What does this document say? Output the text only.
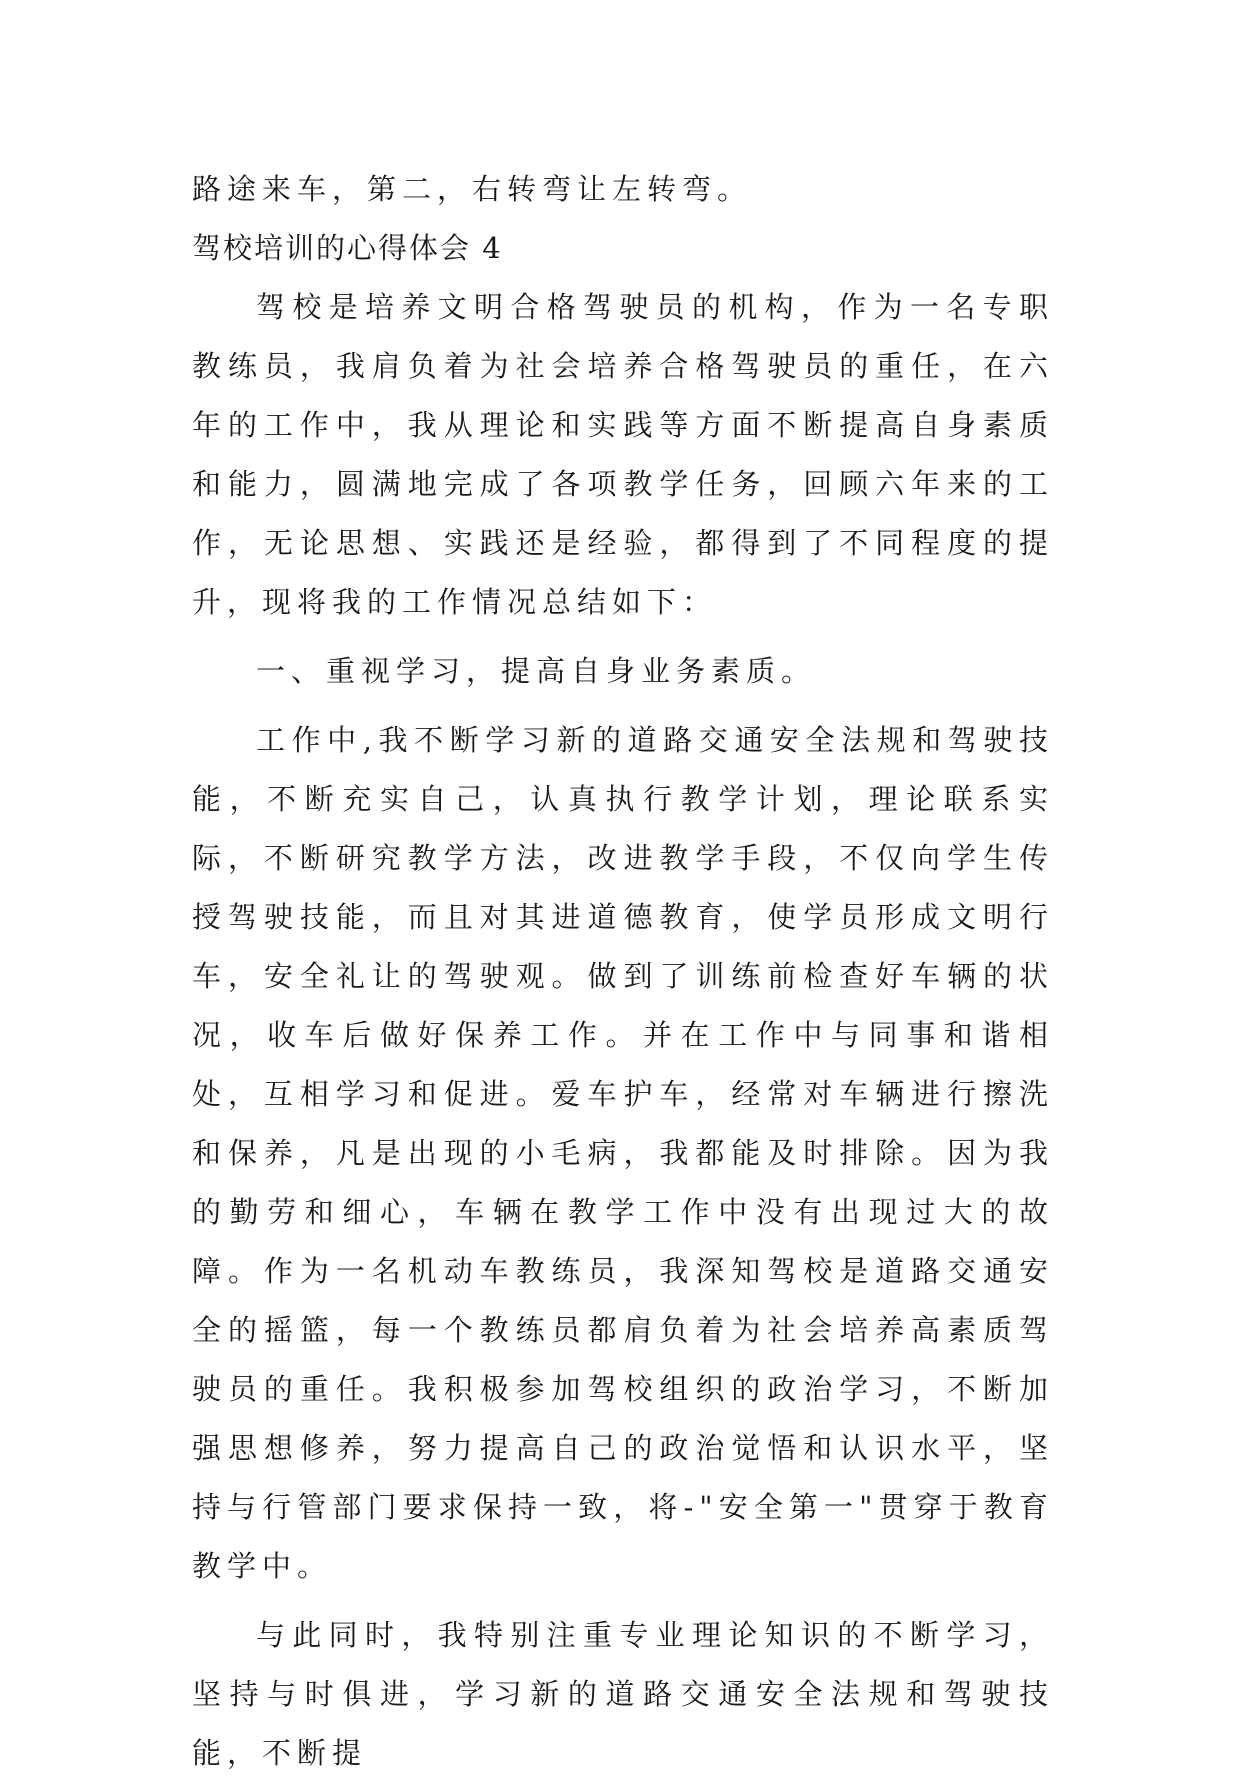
路途来车，第二，右转弯让左转弯。

驾校培训的心得体会 4

驾校是培养文明合格驾驶员的机构，作为一名专职教练员，我肩负着为社会培养合格驾驶员的重任，在六年的工作中，我从理论和实践等方面不断提高自身素质和能力，圆满地完成了各项教学任务，回顾六年来的工作，无论思想、实践还是经验，都得到了不同程度的提升，现将我的工作情况总结如下：

一、重视学习，提高自身业务素质。

工作中,我不断学习新的道路交通安全法规和驾驶技能，不断充实自己，认真执行教学计划，理论联系实际，不断研究教学方法，改进教学手段，不仅向学生传授驾驶技能，而且对其进道德教育，使学员形成文明行车，安全礼让的驾驶观。做到了训练前检查好车辆的状况，收车后做好保养工作。并在工作中与同事和谐相处，互相学习和促进。爱车护车，经常对车辆进行擦洗和保养，凡是出现的小毛病，我都能及时排除。因为我的勤劳和细心，车辆在教学工作中没有出现过大的故障。作为一名机动车教练员，我深知驾校是道路交通安全的摇篮，每一个教练员都肩负着为社会培养高素质驾驶员的重任。我积极参加驾校组织的政治学习，不断加强思想修养，努力提高自己的政治觉悟和认识水平，坚持与行管部门要求保持一致，将-"安全第一"贯穿于教育教学中。

与此同时，我特别注重专业理论知识的不断学习，坚持与时俱进，学习新的道路交通安全法规和驾驶技能，不断提
